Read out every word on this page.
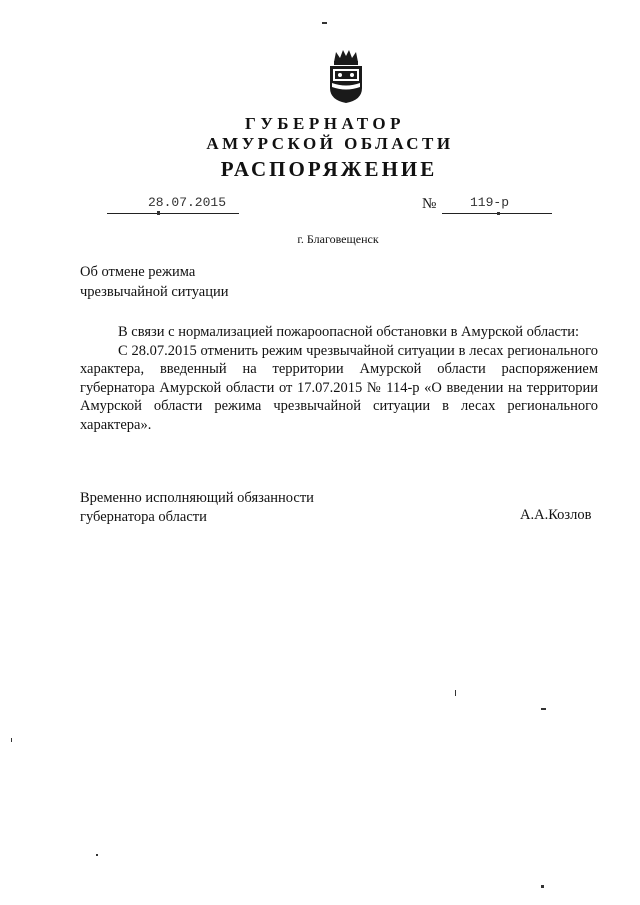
ГУБЕРНАТОР
АМУРСКОЙ ОБЛАСТИ
РАСПОРЯЖЕНИЕ
28.07.2015	№	119-р
г. Благовещенск
Об отмене режима
чрезвычайной ситуации

В связи с нормализацией пожароопасной обстановки в Амурской области:

С 28.07.2015 отменить режим чрезвычайной ситуации в лесах регионального характера, введенный на территории Амурской области распоряжением губернатора Амурской области от 17.07.2015 № 114-р «О введении на территории Амурской области режима чрезвычайной ситуации в лесах регионального характера».

Временно исполняющий обязанности
губернатора области	А.А.Козлов
